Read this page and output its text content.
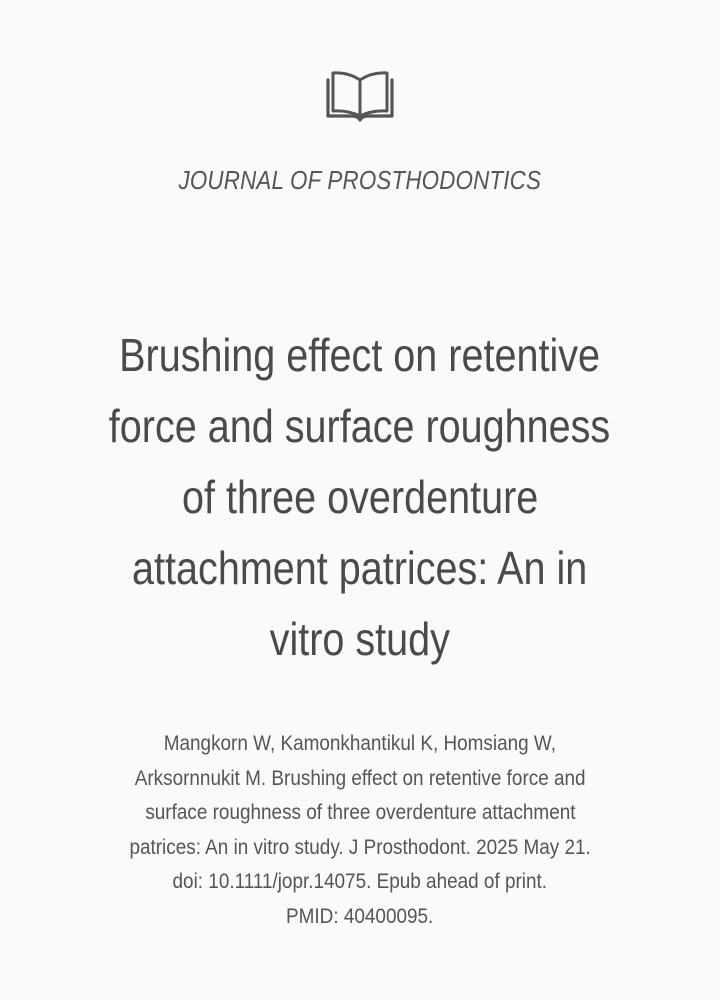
JOURNAL OF PROSTHODONTICS
Brushing effect on retentive
force and surface roughness
of three overdenture
attachment patrices: An in
vitro study
Mangkorn W, Kamonkhantikul K, Homsiang W,
Arksornnukit M. Brushing effect on retentive force and
surface roughness of three overdenture attachment
patrices: An in vitro study. J Prosthodont. 2025 May 21.
doi: 10.1111/jopr.14075. Epub ahead of print.
PMID: 40400095.
